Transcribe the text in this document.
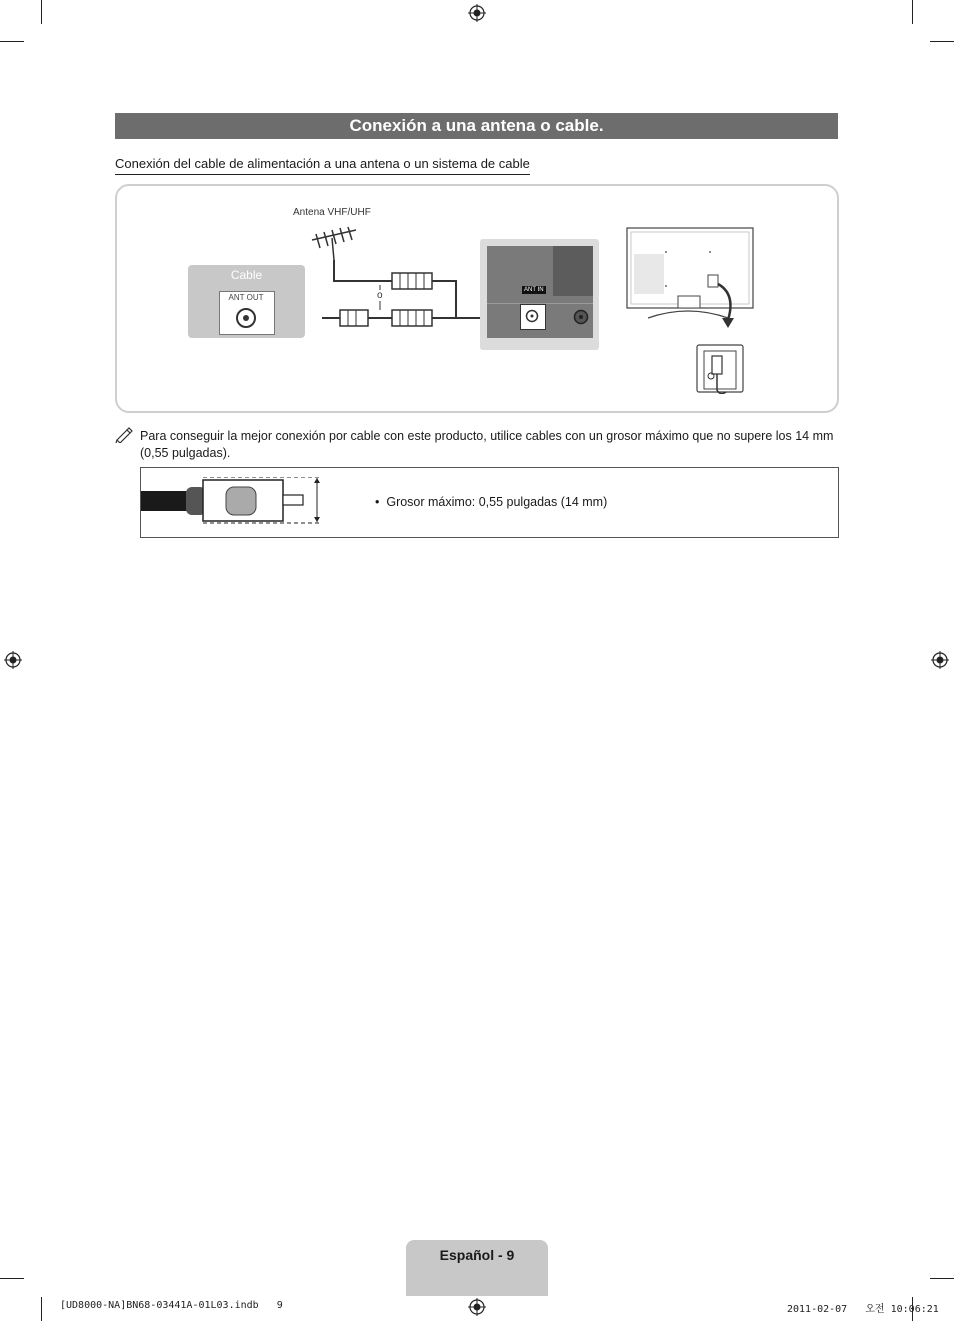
Conexión a una antena o cable.
Conexión del cable de alimentación a una antena o un sistema de cable
Antena VHF/UHF
Cable
ANT OUT	o	ANT IN
Para conseguir la mejor conexión por cable con este producto, utilice cables con un grosor máximo que no supere los 14 mm (0,55 pulgadas).
• Grosor máximo: 0,55 pulgadas (14 mm)
Español - 9
[UD8000-NA]BN68-03441A-01L03.indb   9	2011-02-07   오전 10:06:21
